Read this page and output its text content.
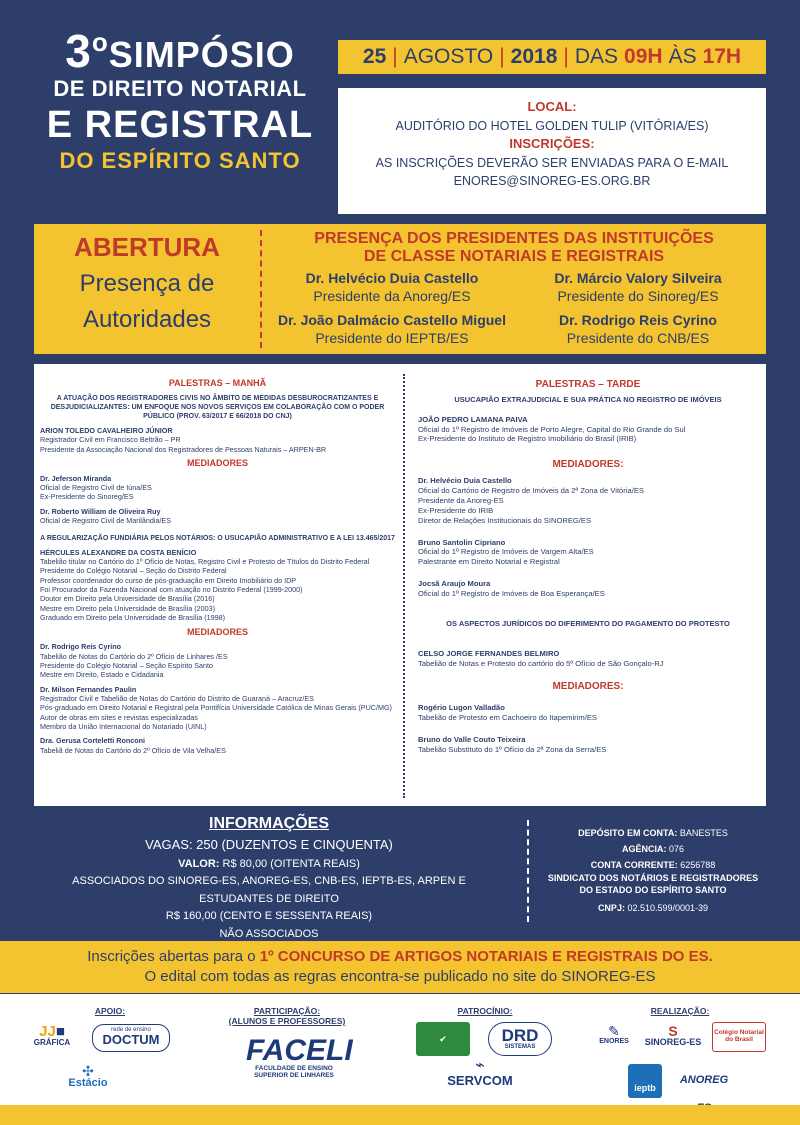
3$^o$SIMPÓSIO
DE DIREITO NOTARIAL
E REGISTRAL
DO ESPÍRITO SANTO
25 | AGOSTO | 2018 | DAS 09H ÀS 17H
LOCAL:
AUDITÓRIO DO HOTEL GOLDEN TULIP (VITÓRIA/ES)
INSCRIÇÕES:
AS INSCRIÇÕES DEVERÃO SER ENVIADAS PARA O E-MAIL
ENORES@SINOREG-ES.ORG.BR
ABERTURA
Presença de
Autoridades
PRESENÇA DOS PRESIDENTES DAS INSTITUIÇÕES
DE CLASSE NOTARIAIS E REGISTRAIS
Dr. Helvécio Duia Castello
Presidente da Anoreg/ES
Dr. Márcio Valory Silveira
Presidente do Sinoreg/ES
Dr. João Dalmácio Castello Miguel
Presidente do IEPTB/ES
Dr. Rodrigo Reis Cyrino
Presidente do CNB/ES
PALESTRAS – MANHÃ
A ATUAÇÃO DOS REGISTRADORES CIVIS NO ÂMBITO DE MEDIDAS DESBUROCRATIZANTES E DESJUDICIALIZANTES: UM ENFOQUE NOS NOVOS SERVIÇOS EM COLABORAÇÃO COM O PODER PÚBLICO (PROV. 63/2017 E 66/2018 DO CNJ)
ARION TOLEDO CAVALHEIRO JÚNIOR
Registrador Civil em Francisco Beltrão – PR
Presidente da Associação Nacional dos Registradores de Pessoas Naturais – ARPEN-BR
MEDIADORES
Dr. Jeferson Miranda
Oficial de Registro Civil de Iúna/ES
Ex-Presidente do Sinoreg/ES
Dr. Roberto William de Oliveira Ruy
Oficial de Registro Civil de Marilândia/ES
A REGULARIZAÇÃO FUNDIÁRIA PELOS NOTÁRIOS: O USUCAPIÃO ADMINISTRATIVO E A LEI 13.465/2017
HÉRCULES ALEXANDRE DA COSTA BENÍCIO
Tabelião titular no Cartório do 1º Ofício de Notas, Registro Civil e Protesto de Títulos do Distrito Federal
Presidente do Colégio Notarial – Seção do Distrito Federal
Professor coordenador do curso de pós-graduação em Direito Imobiliário do IDP
Foi Procurador da Fazenda Nacional com atuação no Distrito Federal (1999-2000)
Doutor em Direito pela Universidade de Brasília (2016)
Mestre em Direito pela Universidade de Brasília (2003)
Graduado em Direito pela Universidade de Brasília (1998)
MEDIADORES
Dr. Rodrigo Reis Cyrino
Tabelião de Notas do Cartório do 2º Ofício de Linhares /ES
Presidente do Colégio Notarial – Seção Espírito Santo
Mestre em Direito, Estado e Cidadania
Dr. Milson Fernandes Paulin
Registrador Civil e Tabelião de Notas do Cartório do Distrito de Guaraná – Aracruz/ES
Pós-graduado em Direito Notarial e Registral pela Pontifícia Universidade Católica de Minas Gerais (PUC/MG)
Autor de obras em sites e revistas especializadas
Membro da União Internacional do Notariado (UINL)
Dra. Gerusa Corteletti Ronconi
Tabeliã de Notas do Cartório do 2º Ofício de Vila Velha/ES
PALESTRAS – TARDE
USUCAPIÃO EXTRAJUDICIAL E SUA PRÁTICA NO REGISTRO DE IMÓVEIS
JOÃO PEDRO LAMANA PAIVA
Oficial do 1º Registro de Imóveis de Porto Alegre, Capital do Rio Grande do Sul
Ex-Presidente do Instituto de Registro Imobiliário do Brasil (IRIB)
MEDIADORES:
Dr. Helvécio Duia Castello
Oficial do Cartório de Registro de Imóveis da 2ª Zona de Vitória/ES
Presidente da Anoreg-ES
Ex-Presidente do IRIB
Diretor de Relações Institucionais do SINOREG/ES
Bruno Santolin Cipriano
Oficial do 1º Registro de Imóveis de Vargem Alta/ES
Palestrante em Direito Notarial e Registral
Jocsã Araujo Moura
Oficial do 1º Registro de Imóveis de Boa Esperança/ES
OS ASPECTOS JURÍDICOS DO DIFERIMENTO DO PAGAMENTO DO PROTESTO
CELSO JORGE FERNANDES BELMIRO
Tabelião de Notas e Protesto do cartório do 5º Ofício de São Gonçalo-RJ
MEDIADORES:
Rogério Lugon Valladão
Tabelião de Protesto em Cachoeiro do Itapemirim/ES
Bruno do Valle Couto Teixeira
Tabelião Substituto do 1º Ofício da 2ª Zona da Serra/ES
INFORMAÇÕES
VAGAS: 250 (DUZENTOS E CINQUENTA)
VALOR: R$ 80,00 (OITENTA REAIS)
ASSOCIADOS DO SINOREG-ES, ANOREG-ES, CNB-ES, IEPTB-ES, ARPEN E ESTUDANTES DE DIREITO
R$ 160,00 (CENTO E SESSENTA REAIS)
NÃO ASSOCIADOS
DEPÓSITO EM CONTA: BANESTES
AGÊNCIA: 076
CONTA CORRENTE: 6256788
SINDICATO DOS NOTÁRIOS E REGISTRADORES
DO ESTADO DO ESPÍRITO SANTO
CNPJ: 02.510.599/0001-39
Inscrições abertas para o 1º CONCURSO DE ARTIGOS NOTARIAIS E REGISTRAIS DO ES.
O edital com todas as regras encontra-se publicado no site do SINOREG-ES
APOIO:
JJ■
GRÁFICA
rede de ensino
DOCTUM
✣
Estácio
PARTICIPAÇÃO:
(ALUNOS E PROFESSORES)
FACELI
FACULDADE DE ENSINO SUPERIOR DE LINHARES
PATROCÍNIO:
✔	DRD
SISTEMAS
⌁
SERVCOM
REALIZAÇÃO:
✎
ENORES
S
SINOREG-ES
Colégio Notarial do Brasil
ieptb
ANOREG
